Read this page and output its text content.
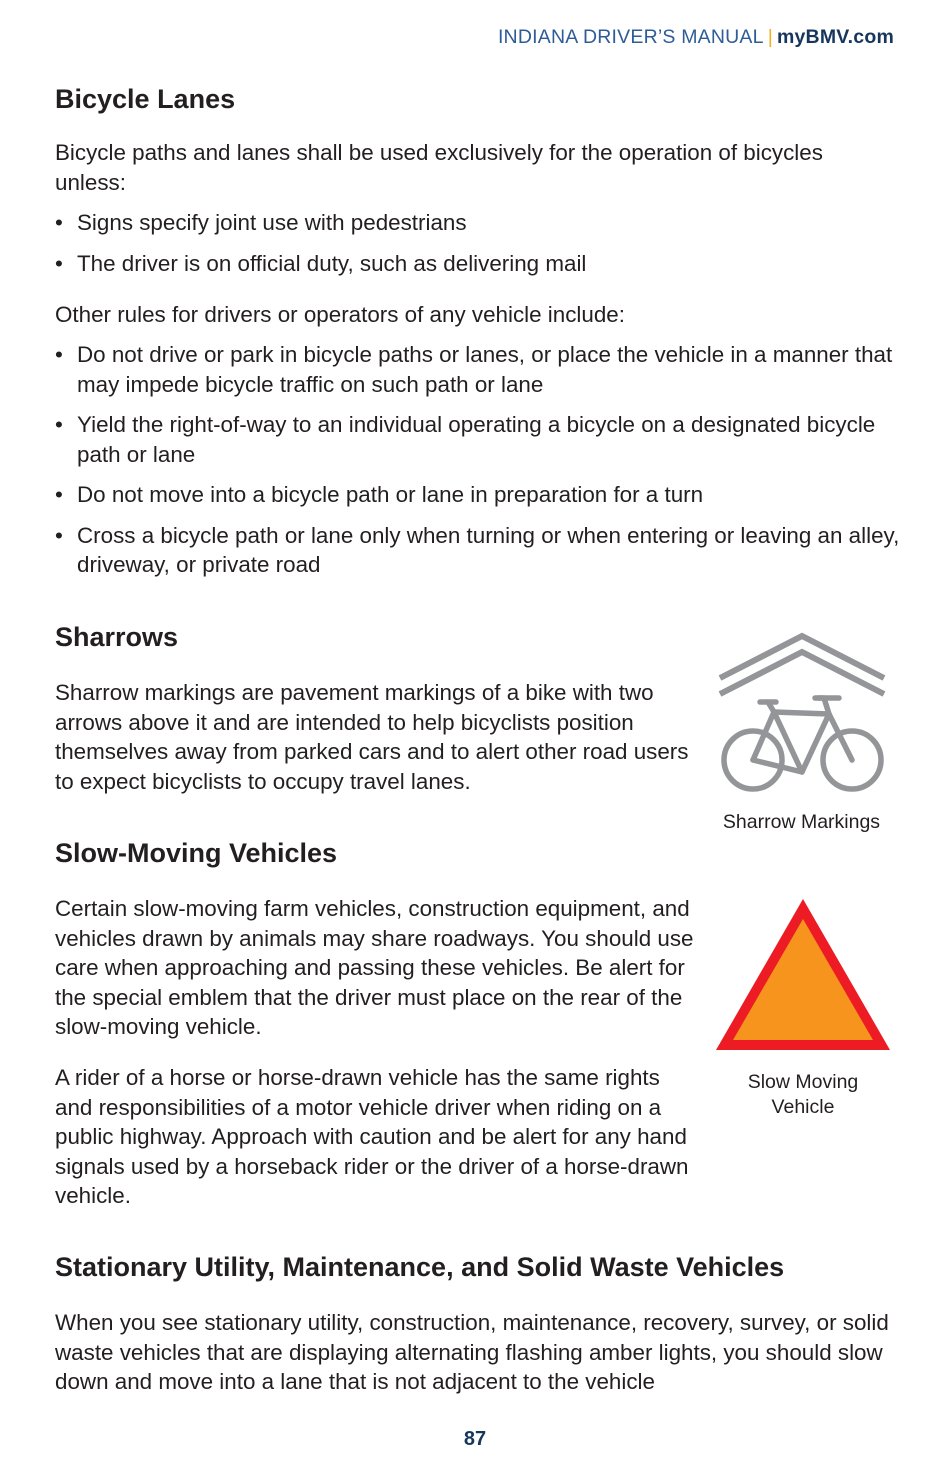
INDIANA DRIVER’S MANUAL | myBMV.com
Bicycle Lanes

Bicycle paths and lanes shall be used exclusively for the operation of bicycles unless:

• Signs specify joint use with pedestrians
• The driver is on official duty, such as delivering mail

Other rules for drivers or operators of any vehicle include:

• Do not drive or park in bicycle paths or lanes, or place the vehicle in a manner that may impede bicycle traffic on such path or lane
• Yield the right-of-way to an individual operating a bicycle on a designated bicycle path or lane
• Do not move into a bicycle path or lane in preparation for a turn
• Cross a bicycle path or lane only when turning or when entering or leaving an alley, driveway, or private road
Sharrows

Sharrow markings are pavement markings of a bike with two arrows above it and are intended to help bicyclists position themselves away from parked cars and to alert other road users to expect bicyclists to occupy travel lanes.

Sharrow Markings
Slow-Moving Vehicles

Certain slow-moving farm vehicles, construction equipment, and vehicles drawn by animals may share roadways. You should use care when approaching and passing these vehicles. Be alert for the special emblem that the driver must place on the rear of the slow-moving vehicle.

Slow Moving Vehicle

A rider of a horse or horse-drawn vehicle has the same rights and responsibilities of a motor vehicle driver when riding on a public highway. Approach with caution and be alert for any hand signals used by a horseback rider or the driver of a horse-drawn vehicle.

Stationary Utility, Maintenance, and Solid Waste Vehicles

When you see stationary utility, construction, maintenance, recovery, survey, or solid waste vehicles that are displaying alternating flashing amber lights, you should slow down and move into a lane that is not adjacent to the vehicle

87
